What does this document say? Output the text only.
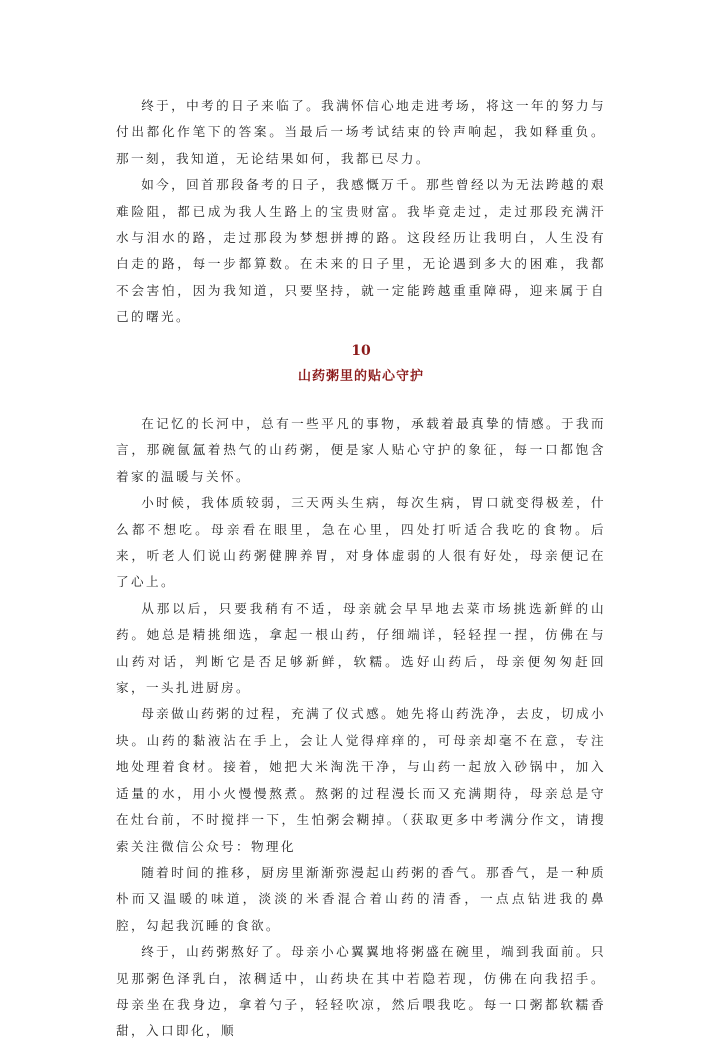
终于，中考的日子来临了。我满怀信心地走进考场，将这一年的努力与付出都化作笔下的答案。当最后一场考试结束的铃声响起，我如释重负。那一刻，我知道，无论结果如何，我都已尽力。

如今，回首那段备考的日子，我感慨万千。那些曾经以为无法跨越的艰难险阻，都已成为我人生路上的宝贵财富。我毕竟走过，走过那段充满汗水与泪水的路，走过那段为梦想拼搏的路。这段经历让我明白，人生没有白走的路，每一步都算数。在未来的日子里，无论遇到多大的困难，我都不会害怕，因为我知道，只要坚持，就一定能跨越重重障碍，迎来属于自己的曙光。

10
山药粥里的贴心守护

在记忆的长河中，总有一些平凡的事物，承载着最真挚的情感。于我而言，那碗氤氲着热气的山药粥，便是家人贴心守护的象征，每一口都饱含着家的温暖与关怀。

小时候，我体质较弱，三天两头生病，每次生病，胃口就变得极差，什么都不想吃。母亲看在眼里，急在心里，四处打听适合我吃的食物。后来，听老人们说山药粥健脾养胃，对身体虚弱的人很有好处，母亲便记在了心上。

从那以后，只要我稍有不适，母亲就会早早地去菜市场挑选新鲜的山药。她总是精挑细选，拿起一根山药，仔细端详，轻轻捏一捏，仿佛在与山药对话，判断它是否足够新鲜，软糯。选好山药后，母亲便匆匆赶回家，一头扎进厨房。

母亲做山药粥的过程，充满了仪式感。她先将山药洗净，去皮，切成小块。山药的黏液沾在手上，会让人觉得痒痒的，可母亲却毫不在意，专注地处理着食材。接着，她把大米淘洗干净，与山药一起放入砂锅中，加入适量的水，用小火慢慢熬煮。熬粥的过程漫长而又充满期待，母亲总是守在灶台前，不时搅拌一下，生怕粥会糊掉。（获取更多中考满分作文，请搜索关注微信公众号：物理化

随着时间的推移，厨房里渐渐弥漫起山药粥的香气。那香气，是一种质朴而又温暖的味道，淡淡的米香混合着山药的清香，一点点钻进我的鼻腔，勾起我沉睡的食欲。

终于，山药粥熬好了。母亲小心翼翼地将粥盛在碗里，端到我面前。只见那粥色泽乳白，浓稠适中，山药块在其中若隐若现，仿佛在向我招手。母亲坐在我身边，拿着勺子，轻轻吹凉，然后喂我吃。每一口粥都软糯香甜，入口即化，顺
